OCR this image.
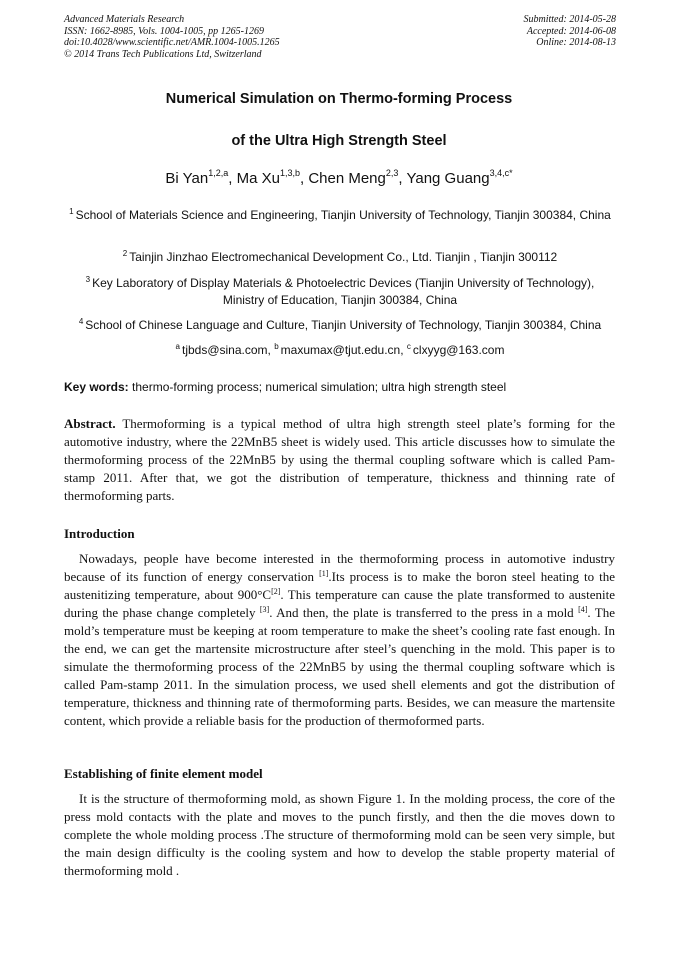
Advanced Materials Research
ISSN: 1662-8985, Vols. 1004-1005, pp 1265-1269
doi:10.4028/www.scientific.net/AMR.1004-1005.1265
© 2014 Trans Tech Publications Ltd, Switzerland
Submitted: 2014-05-28
Accepted: 2014-06-08
Online: 2014-08-13
Numerical Simulation on Thermo-forming Process
of the Ultra High Strength Steel
Bi Yan$^{1,2,a}$, Ma Xu$^{1,3,b}$, Chen Meng$^{2,3}$, Yang Guang$^{3,4,c*}$
$^1$ School of Materials Science and Engineering, Tianjin University of Technology, Tianjin 300384, China
$^2$ Tainjin Jinzhao Electromechanical Development Co., Ltd. Tianjin , Tianjin 300112
$^3$ Key Laboratory of Display Materials & Photoelectric Devices (Tianjin University of Technology), Ministry of Education, Tianjin 300384, China
$^4$ School of Chinese Language and Culture, Tianjin University of Technology, Tianjin 300384, China
$^a$ tjbds@sina.com, $^b$ maxumax@tjut.edu.cn, $^c$ clxyyg@163.com
Key words: thermo-forming process; numerical simulation; ultra high strength steel
Abstract. Thermoforming is a typical method of ultra high strength steel plate’s forming for the automotive industry, where the 22MnB5 sheet is widely used. This article discusses how to simulate the thermoforming process of the 22MnB5 by using the thermal coupling software which is called Pam-stamp 2011. After that, we got the distribution of temperature, thickness and thinning rate of thermoforming parts.
Introduction
Nowadays, people have become interested in the thermoforming process in automotive industry because of its function of energy conservation [1].Its process is to make the boron steel heating to the austenitizing temperature, about 900°C[2]. This temperature can cause the plate transformed to austenite during the phase change completely [3]. And then, the plate is transferred to the press in a mold [4]. The mold’s temperature must be keeping at room temperature to make the sheet’s cooling rate fast enough. In the end, we can get the martensite microstructure after steel’s quenching in the mold. This paper is to simulate the thermoforming process of the 22MnB5 by using the thermal coupling software which is called Pam-stamp 2011. In the simulation process, we used shell elements and got the distribution of temperature, thickness and thinning rate of thermoforming parts. Besides, we can measure the martensite content, which provide a reliable basis for the production of thermoformed parts.
Establishing of finite element model
It is the structure of thermoforming mold, as shown Figure 1. In the molding process, the core of the press mold contacts with the plate and moves to the punch firstly, and then the die moves down to complete the whole molding process .The structure of thermoforming mold can be seen very simple, but the main design difficulty is the cooling system and how to develop the stable property material of thermoforming mold .
